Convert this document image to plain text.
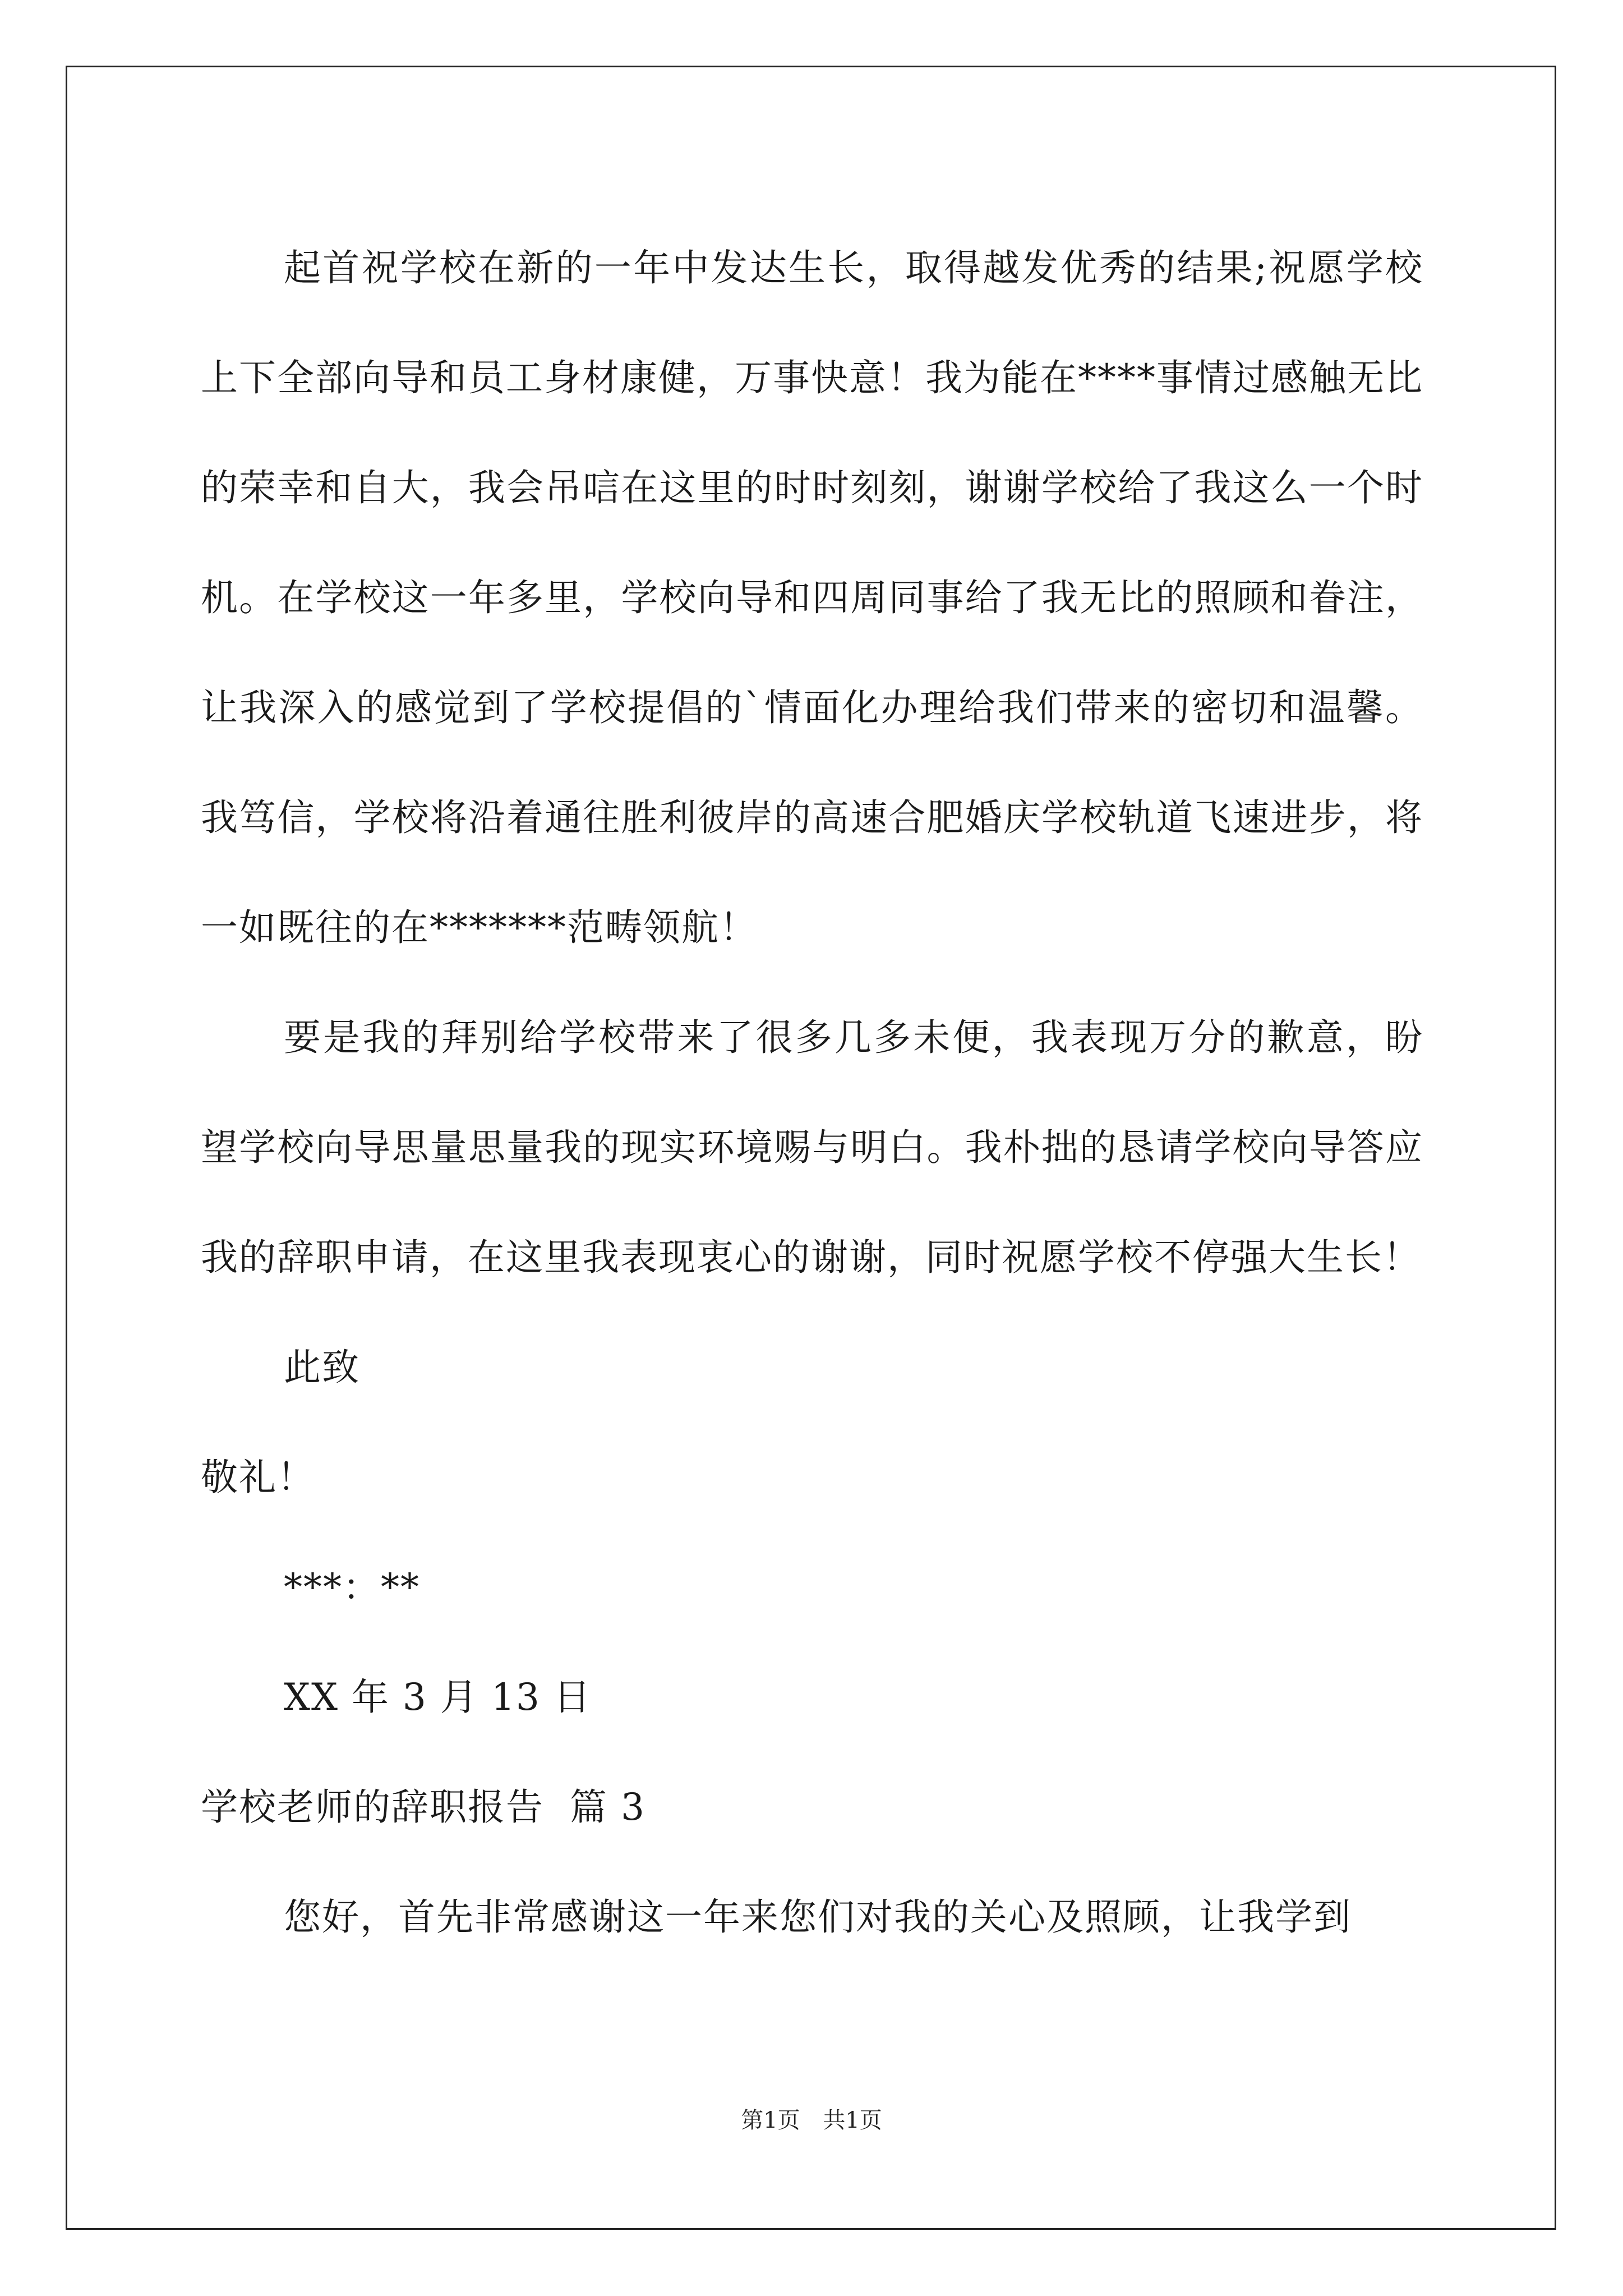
起首祝学校在新的一年中发达生长，取得越发优秀的结果;祝愿学校上下全部向导和员工身材康健，万事快意！我为能在****事情过感触无比的荣幸和自大，我会吊唁在这里的时时刻刻，谢谢学校给了我这么一个时机。在学校这一年多里，学校向导和四周同事给了我无比的照顾和眷注，让我深入的感觉到了学校提倡的`情面化办理给我们带来的密切和温馨。我笃信，学校将沿着通往胜利彼岸的高速合肥婚庆学校轨道飞速进步，将一如既往的在*******范畴领航！

要是我的拜别给学校带来了很多几多未便，我表现万分的歉意，盼望学校向导思量思量我的现实环境赐与明白。我朴拙的恳请学校向导答应我的辞职申请，在这里我表现衷心的谢谢，同时祝愿学校不停强大生长！

此致

敬礼！

***：**

XX 年 3 月 13 日

学校老师的辞职报告  篇 3

您好，首先非常感谢这一年来您们对我的关心及照顾，让我学到

第1页 共1页
